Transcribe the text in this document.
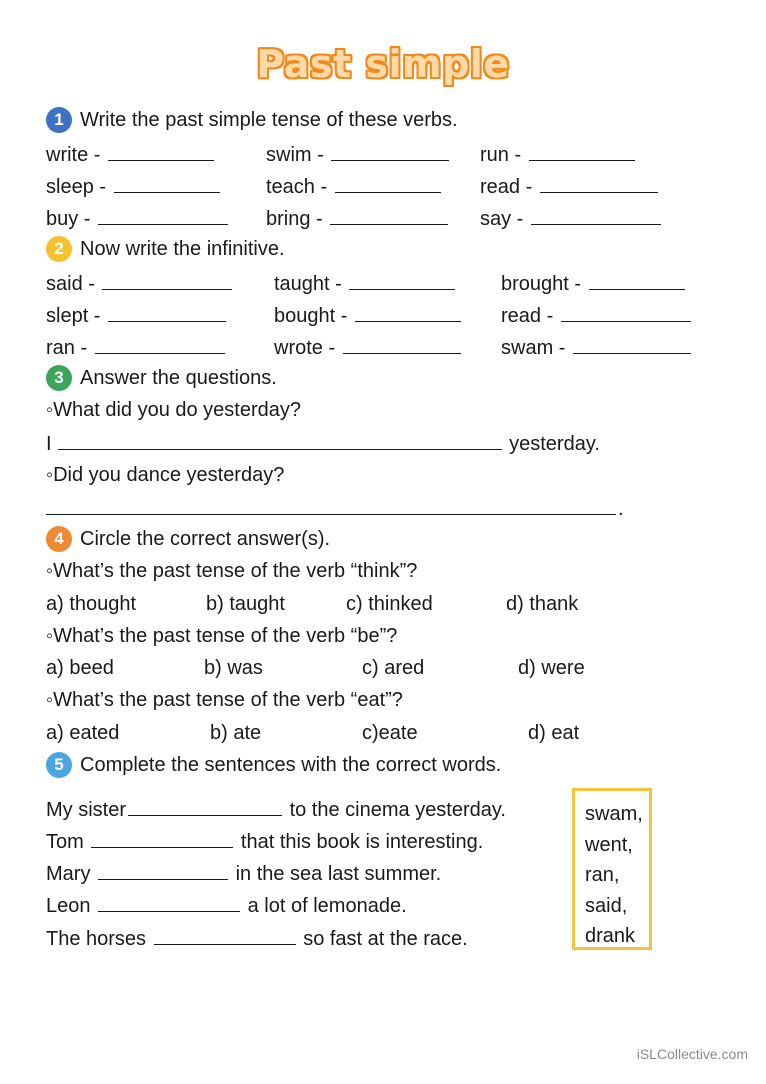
Past simple
1 Write the past simple tense of these verbs.
write -	swim -	run -
sleep -	teach -	read -
buy -	bring -	say -
2 Now write the infinitive.
said -	taught -	brought -
slept -	bought -	read -
ran -	wrote -	swam -
3 Answer the questions.
◦What did you do yesterday?
I	yesterday.
◦Did you dance yesterday?
.
4 Circle the correct answer(s).
◦What’s the past tense of the verb “think”?
a) thought	b) taught	c) thinked	d) thank
◦What’s the past tense of the verb “be”?
a) beed	b) was	c) ared	d) were
◦What’s the past tense of the verb “eat”?
a) eated	b) ate	c)eate	d) eat
5 Complete the sentences with the correct words.
My sister	to the cinema yesterday.
Tom	that this book is interesting.
Mary	in the sea last summer.
Leon	a lot of lemonade.
The horses	so fast at the race.
swam,
went,
ran,
said,
drank
iSLCollective.com
